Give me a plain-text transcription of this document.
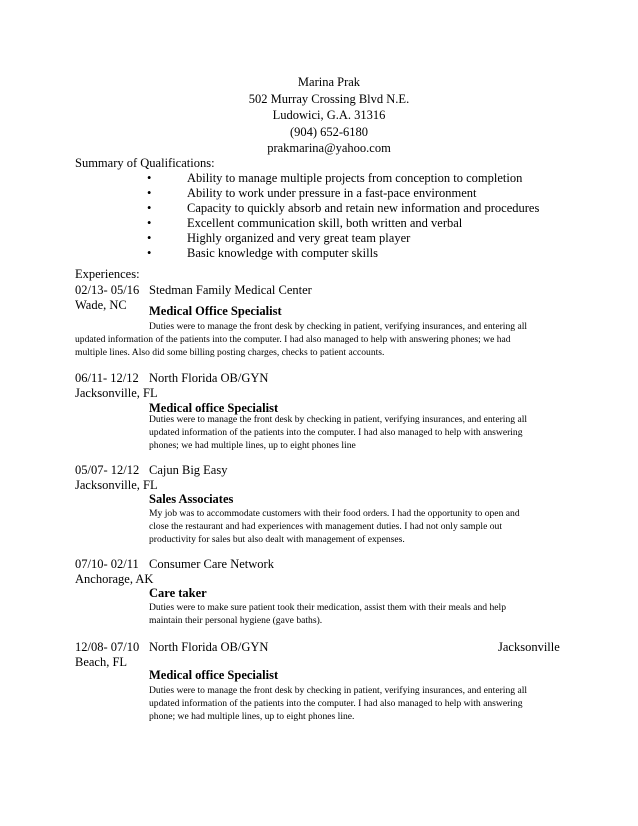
Marina Prak
502 Murray Crossing Blvd N.E.
Ludowici, G.A. 31316
(904) 652-6180
prakmarina@yahoo.com
Summary of Qualifications:
•	Ability to manage multiple projects from conception to completion
•	Ability to work under pressure in a fast-pace environment
•	Capacity to quickly absorb and retain new information and procedures
•	Excellent communication skill, both written and verbal
•	Highly organized and very great team player
•	Basic knowledge with computer skills
Experiences:
02/13- 05/16 Stedman Family Medical Center
Wade, NC Medical Office Specialist
Duties were to manage the front desk by checking in patient, verifying insurances, and entering all
updated information of the patients into the computer. I had also managed to help with answering phones; we had
multiple lines. Also did some billing posting charges, checks to patient accounts.
06/11- 12/12 North Florida OB/GYN
Jacksonville, FL
Medical office Specialist
Duties were to manage the front desk by checking in patient, verifying insurances, and entering all
updated information of the patients into the computer. I had also managed to help with answering
phones; we had multiple lines, up to eight phones line
05/07- 12/12 Cajun Big Easy
Jacksonville, FL
Sales Associates
My job was to accommodate customers with their food orders. I had the opportunity to open and
close the restaurant and had experiences with management duties. I had not only sample out
productivity for sales but also dealt with management of expenses.
07/10- 02/11 Consumer Care Network
Anchorage, AK
Care taker
Duties were to make sure patient took their medication, assist them with their meals and help
maintain their personal hygiene (gave baths).
12/08- 07/10 North Florida OB/GYN	Jacksonville
Beach, FL
Medical office Specialist
Duties were to manage the front desk by checking in patient, verifying insurances, and entering all
updated information of the patients into the computer. I had also managed to help with answering
phone; we had multiple lines, up to eight phones line.
